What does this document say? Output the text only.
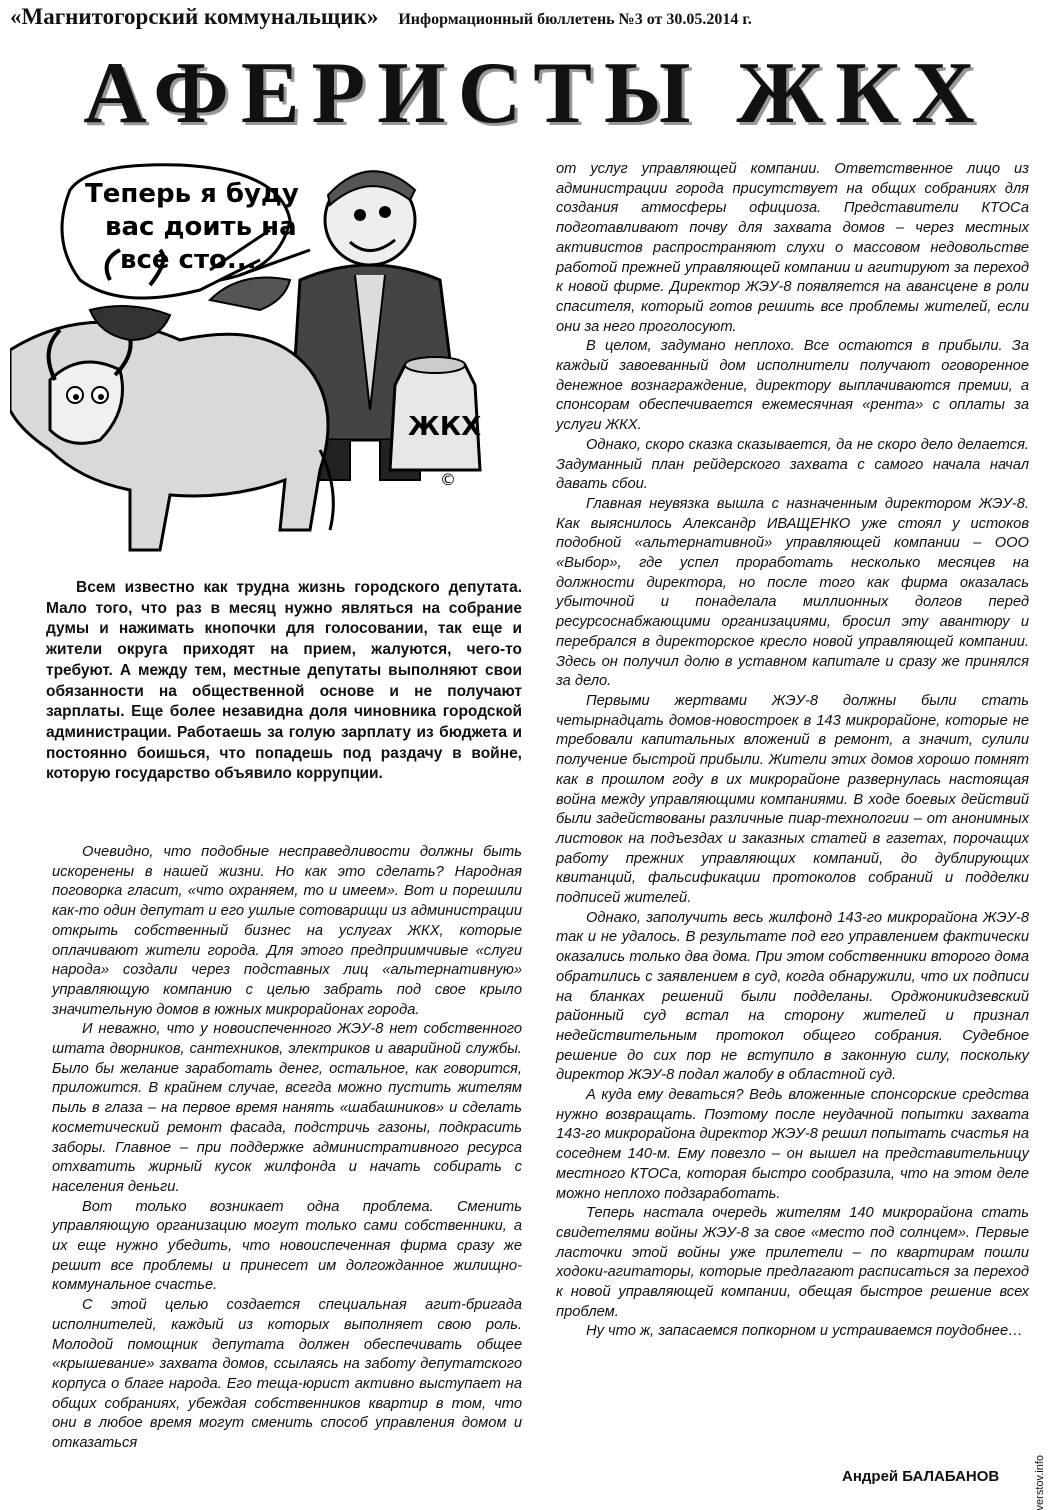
«Магнитогорский коммунальщик» Информационный бюллетень №3 от 30.05.2014 г.
АФЕРИСТЫ ЖКХ
Теперь я буду
вас доить на
все сто...
ЖКХ
©
Всем известно как трудна жизнь городского депутата. Мало того, что раз в месяц нужно являться на собрание думы и нажимать кнопочки для голосовании, так еще и жители округа приходят на прием, жалуются, чего-то требуют. А между тем, местные депутаты выполняют свои обязанности на общественной основе и не получают зарплаты. Еще более незавидна доля чиновника городской администрации. Работаешь за голую зарплату из бюджета и постоянно боишься, что попадешь под раздачу в войне, которую государство объявило коррупции.

Очевидно, что подобные несправедливости должны быть искоренены в нашей жизни. Но как это сделать? Народная поговорка гласит, «что охраняем, то и имеем». Вот и порешили как-то один депутат и его ушлые сотоварищи из администрации открыть собственный бизнес на услугах ЖКХ, которые оплачивают жители города. Для этого предприимчивые «слуги народа» создали через подставных лиц «альтернативную» управляющую компанию с целью забрать под свое крыло значительную домов в южных микрорайонах города.

И неважно, что у новоиспеченного ЖЭУ-8 нет собственного штата дворников, сантехников, электриков и аварийной службы. Было бы желание заработать денег, остальное, как говорится, приложится. В крайнем случае, всегда можно пустить жителям пыль в глаза – на первое время нанять «шабашников» и сделать косметический ремонт фасада, подстричь газоны, подкрасить заборы. Главное – при поддержке административного ресурса отхватить жирный кусок жилфонда и начать собирать с населения деньги.

Вот только возникает одна проблема. Сменить управляющую организацию могут только сами собственники, а их еще нужно убедить, что новоиспеченная фирма сразу же решит все проблемы и принесет им долгожданное жилищно-коммунальное счастье.

С этой целью создается специальная агит-бригада исполнителей, каждый из которых выполняет свою роль. Молодой помощник депутата должен обеспечивать общее «крышевание» захвата домов, ссылаясь на заботу депутатского корпуса о благе народа. Его теща-юрист активно выступает на общих собраниях, убеждая собственников квартир в том, что они в любое время могут сменить способ управления домом и отказаться

от услуг управляющей компании. Ответственное лицо из администрации города присутствует на общих собраниях для создания атмосферы официоза. Представители КТОСа подготавливают почву для захвата домов – через местных активистов распространяют слухи о массовом недовольстве работой прежней управляющей компании и агитируют за переход к новой фирме. Директор ЖЭУ-8 появляется на авансцене в роли спасителя, который готов решить все проблемы жителей, если они за него проголосуют.

В целом, задумано неплохо. Все остаются в прибыли. За каждый завоеванный дом исполнители получают оговоренное денежное вознаграждение, директору выплачиваются премии, а спонсорам обеспечивается ежемесячная «рента» с оплаты за услуги ЖКХ.

Однако, скоро сказка сказывается, да не скоро дело делается. Задуманный план рейдерского захвата с самого начала начал давать сбои.

Главная неувязка вышла с назначенным директором ЖЭУ-8. Как выяснилось Александр ИВАЩЕНКО уже стоял у истоков подобной «альтернативной» управляющей компании – ООО «Выбор», где успел проработать несколько месяцев на должности директора, но после того как фирма оказалась убыточной и понаделала миллионных долгов перед ресурсоснабжающими организациями, бросил эту авантюру и перебрался в директорское кресло новой управляющей компании. Здесь он получил долю в уставном капитале и сразу же принялся за дело.

Первыми жертвами ЖЭУ-8 должны были стать четырнадцать домов-новостроек в 143 микрорайоне, которые не требовали капитальных вложений в ремонт, а значит, сулили получение быстрой прибыли. Жители этих домов хорошо помнят как в прошлом году в их микрорайоне развернулась настоящая война между управляющими компаниями. В ходе боевых действий были задействованы различные пиар-технологии – от анонимных листовок на подъездах и заказных статей в газетах, порочащих работу прежних управляющих компаний, до дублирующих квитанций, фальсификации протоколов собраний и подделки подписей жителей.

Однако, заполучить весь жилфонд 143-го микрорайона ЖЭУ-8 так и не удалось. В результате под его управлением фактически оказались только два дома. При этом собственники второго дома обратились с заявлением в суд, когда обнаружили, что их подписи на бланках решений были подделаны. Орджоникидзевский районный суд встал на сторону жителей и признал недействительным протокол общего собрания. Судебное решение до сих пор не вступило в законную силу, поскольку директор ЖЭУ-8 подал жалобу в областной суд.

А куда ему деваться? Ведь вложенные спонсорские средства нужно возвращать. Поэтому после неудачной попытки захвата 143-го микрорайона директор ЖЭУ-8 решил попытать счастья на соседнем 140-м. Ему повезло – он вышел на представительницу местного КТОСа, которая быстро сообразила, что на этом деле можно неплохо подзаработать.

Теперь настала очередь жителям 140 микрорайона стать свидетелями войны ЖЭУ-8 за свое «место под солнцем». Первые ласточки этой войны уже прилетели – по квартирам пошли ходоки-агитаторы, которые предлагают расписаться за переход к новой управляющей компании, обещая быстрое решение всех проблем.

Ну что ж, запасаемся попкорном и устраиваемся поудобнее…

Андрей БАЛАБАНОВ	verstov.info
